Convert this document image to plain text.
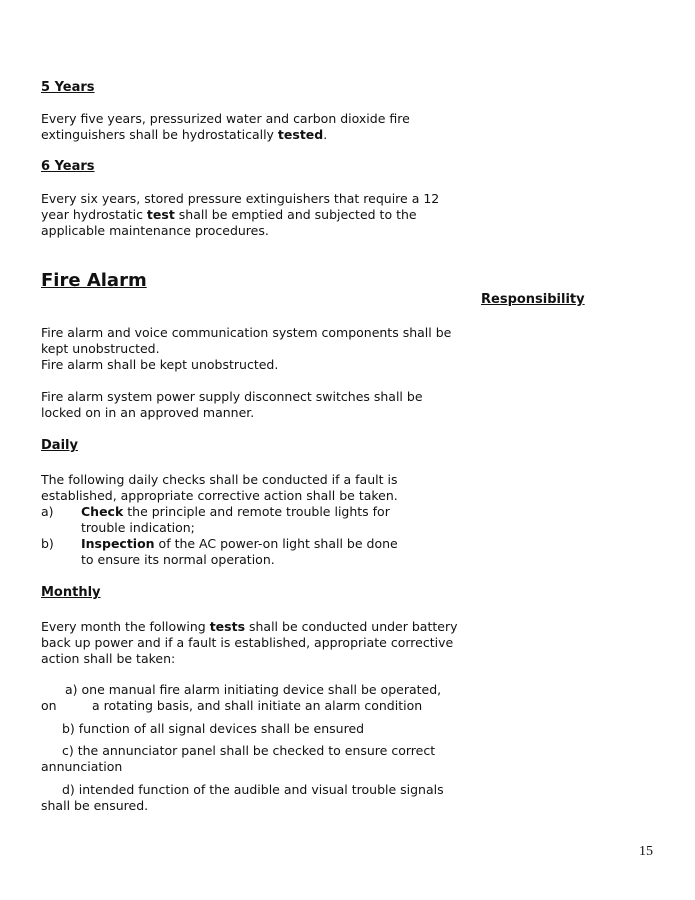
5 Years

Every five years, pressurized water and carbon dioxide fire

extinguishers shall be hydrostatically tested.

6 Years

Every six years, stored pressure extinguishers that require a 12

year hydrostatic test shall be emptied and subjected to the

applicable maintenance procedures.

Fire Alarm

Responsibility

Fire alarm and voice communication system components shall be

kept unobstructed.

Fire alarm shall be kept unobstructed.

Fire alarm system power supply disconnect switches shall be

locked on in an approved manner.

Daily

The following daily checks shall be conducted if a fault is

established, appropriate corrective action shall be taken.

a) Check the principle and remote trouble lights for

trouble indication;

b) Inspection of the AC power-on light shall be done

to ensure its normal operation.

Monthly

Every month the following tests shall be conducted under battery

back up power and if a fault is established, appropriate corrective

action shall be taken:

a) one manual fire alarm initiating device shall be operated,

on	a rotating basis, and shall initiate an alarm condition

b) function of all signal devices shall be ensured

c) the annunciator panel shall be checked to ensure correct

annunciation

d) intended function of the audible and visual trouble signals

shall be ensured.

15
